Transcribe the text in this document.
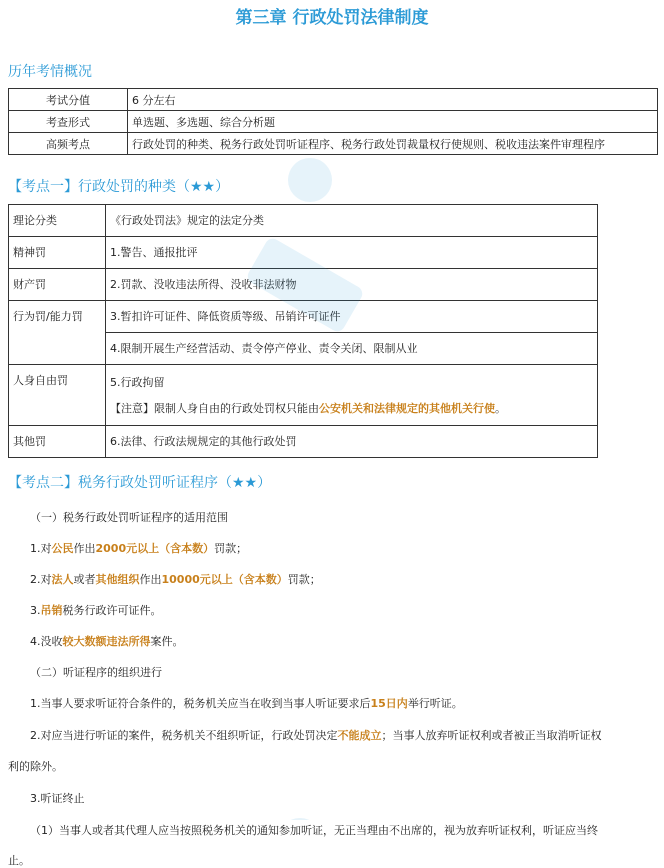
第三章 行政处罚法律制度
历年考情概况
考试分值	6 分左右
考查形式	单选题、多选题、综合分析题
高频考点	行政处罚的种类、税务行政处罚听证程序、税务行政处罚裁量权行使规则、税收违法案件审理程序
【考点一】行政处罚的种类（★★）
理论分类	《行政处罚法》规定的法定分类
精神罚	1.警告、通报批评
财产罚	2.罚款、没收违法所得、没收非法财物
行为罚/能力罚	3.暂扣许可证件、降低资质等级、吊销许可证件
	4.限制开展生产经营活动、责令停产停业、责令关闭、限制从业
人身自由罚	5.行政拘留
【注意】限制人身自由的行政处罚权只能由公安机关和法律规定的其他机关行使。

其他罚	6.法律、行政法规规定的其他行政处罚
【考点二】税务行政处罚听证程序（★★）
（一）税务行政处罚听证程序的适用范围
1.对公民作出2000元以上（含本数）罚款；
2.对法人或者其他组织作出10000元以上（含本数）罚款；
3.吊销税务行政许可证件。
4.没收较大数额违法所得案件。
（二）听证程序的组织进行
1.当事人要求听证符合条件的，税务机关应当在收到当事人听证要求后15日内举行听证。
2.对应当进行听证的案件，税务机关不组织听证，行政处罚决定不能成立；当事人放弃听证权利或者被正当取消听证权
利的除外。
3.听证终止
（1）当事人或者其代理人应当按照税务机关的通知参加听证，无正当理由不出席的，视为放弃听证权利，听证应当终
止。
